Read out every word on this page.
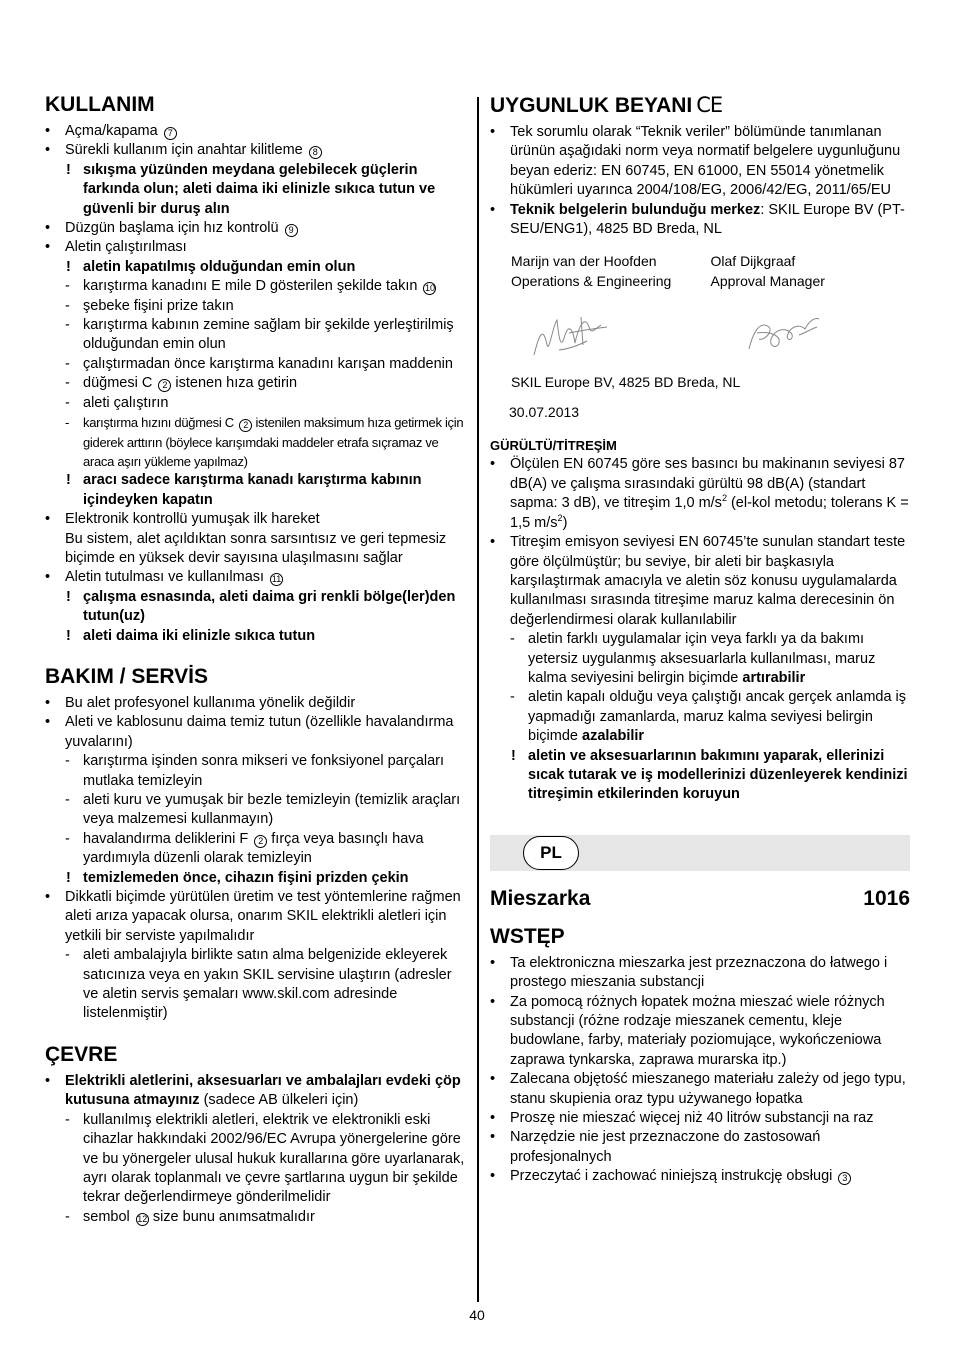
KULLANIM
• Açma/kapama 7
• Sürekli kullanım için anahtar kilitleme 8
! sıkışma yüzünden meydana gelebilecek güçlerin farkında olun; aleti daima iki elinizle sıkıca tutun ve güvenli bir duruş alın
• Düzgün başlama için hız kontrolü 9
• Aletin çalıştırılması
! aletin kapatılmış olduğundan emin olun
- karıştırma kanadını E mile D gösterilen şekilde takın 10
- şebeke fişini prize takın
- karıştırma kabının zemine sağlam bir şekilde yerleştirilmiş olduğundan emin olun
- çalıştırmadan önce karıştırma kanadını karışan maddenin
- düğmesi C 2 istenen hıza getirin
- aleti çalıştırın
- karıştırma hızını düğmesi C 2 istenilen maksimum hıza getirmek için giderek arttırın (böylece karışımdaki maddeler etrafa sıçramaz ve araca aşırı yükleme yapılmaz)
! aracı sadece karıştırma kanadı karıştırma kabının içindeyken kapatın
• Elektronik kontrollü yumuşak ilk hareket
Bu sistem, alet açıldıktan sonra sarsıntısız ve geri tepmesiz biçimde en yüksek devir sayısına ulaşılmasını sağlar
• Aletin tutulması ve kullanılması 11
! çalışma esnasında, aleti daima gri renkli bölge(ler)den tutun(uz)
! aleti daima iki elinizle sıkıca tutun
BAKIM / SERVİS
• Bu alet profesyonel kullanıma yönelik değildir
• Aleti ve kablosunu daima temiz tutun (özellikle havalandırma yuvalarını)
- karıştırma işinden sonra mikseri ve fonksiyonel parçaları mutlaka temizleyin
- aleti kuru ve yumuşak bir bezle temizleyin (temizlik araçları veya malzemesi kullanmayın)
- havalandırma deliklerini F 2 fırça veya basınçlı hava yardımıyla düzenli olarak temizleyin
! temizlemeden önce, cihazın fişini prizden çekin
• Dikkatli biçimde yürütülen üretim ve test yöntemlerine rağmen aleti arıza yapacak olursa, onarım SKIL elektrikli aletleri için yetkili bir serviste yapılmalıdır
- aleti ambalajıyla birlikte satın alma belgenizide ekleyerek satıcınıza veya en yakın SKIL servisine ulaştırın (adresler ve aletin servis şemaları www.skil.com adresinde listelenmiştir)
ÇEVRE
• Elektrikli aletlerini, aksesuarları ve ambalajları evdeki çöp kutusuna atmayınız (sadece AB ülkeleri için)
- kullanılmış elektrikli aletleri, elektrik ve elektronikli eski cihazlar hakkındaki 2002/96/EC Avrupa yönergelerine göre ve bu yönergeler ulusal hukuk kurallarına göre uyarlanarak, ayrı olarak toplanmalı ve çevre şartlarına uygun bir şekilde tekrar değerlendirmeye gönderilmelidir
- sembol 12 size bunu anımsatmalıdır
UYGUNLUK BEYANI CE
• Tek sorumlu olarak “Teknik veriler” bölümünde tanımlanan ürünün aşağıdaki norm veya normatif belgelere uygunluğunu beyan ederiz: EN 60745, EN 61000, EN 55014 yönetmelik hükümleri uyarınca 2004/108/EG, 2006/42/EG, 2011/65/EU
• Teknik belgelerin bulunduğu merkez: SKIL Europe BV (PT-SEU/ENG1), 4825 BD Breda, NL
Marijn van der Hoofden
Operations & Engineering
Olaf Dijkgraaf
Approval Manager
SKIL Europe BV, 4825 BD Breda, NL
30.07.2013
GÜRÜLTÜ/TİTREŞİM
• Ölçülen EN 60745 göre ses basıncı bu makinanın seviyesi 87 dB(A) ve çalışma sırasındaki gürültü 98 dB(A) (standart sapma: 3 dB), ve titreşim 1,0 $m/s^2$ (el-kol metodu; tolerans K = 1,5 $m/s^2$)
• Titreşim emisyon seviyesi EN 60745’te sunulan standart teste göre ölçülmüştür; bu seviye, bir aleti bir başkasıyla karşılaştırmak amacıyla ve aletin söz konusu uygulamalarda kullanılması sırasında titreşime maruz kalma derecesinin ön değerlendirmesi olarak kullanılabilir
- aletin farklı uygulamalar için veya farklı ya da bakımı yetersiz uygulanmış aksesuarlarla kullanılması, maruz kalma seviyesini belirgin biçimde artırabilir
- aletin kapalı olduğu veya çalıştığı ancak gerçek anlamda iş yapmadığı zamanlarda, maruz kalma seviyesi belirgin biçimde azalabilir
! aletin ve aksesuarlarının bakımını yaparak, ellerinizi sıcak tutarak ve iş modellerinizi düzenleyerek kendinizi titreşimin etkilerinden koruyun
PL
Mieszarka	1016
WSTĘP
• Ta elektroniczna mieszarka jest przeznaczona do łatwego i prostego mieszania substancji
• Za pomocą różnych łopatek można mieszać wiele różnych substancji (różne rodzaje mieszanek cementu, kleje budowlane, farby, materiały poziomujące, wykończeniowa zaprawa tynkarska, zaprawa murarska itp.)
• Zalecana objętość mieszanego materiału zależy od jego typu, stanu skupienia oraz typu używanego łopatka
• Proszę nie mieszać więcej niż 40 litrów substancji na raz
• Narzędzie nie jest przeznaczone do zastosowań profesjonalnych
• Przeczytać i zachować niniejszą instrukcję obsługi 3
40
